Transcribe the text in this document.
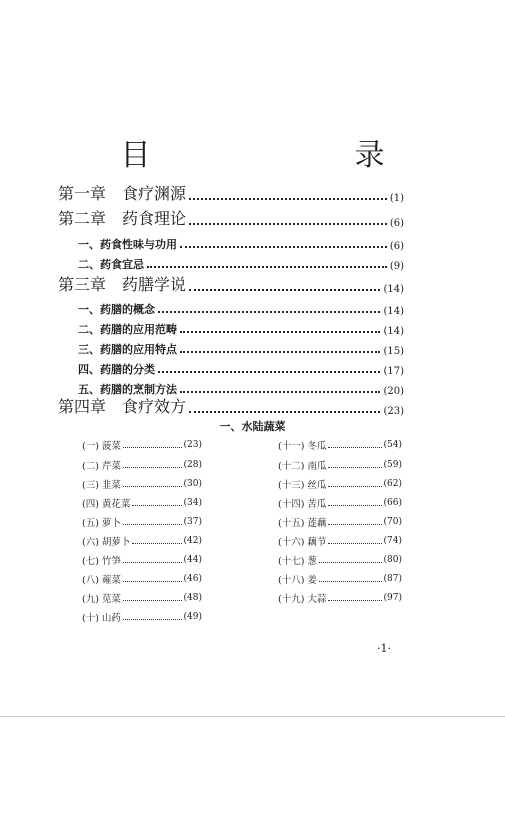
目　　录
第一章　食疗渊源	(1)
第二章　药食理论	(6)
一、药食性味与功用	(6)
二、药食宜忌	(9)
第三章　药膳学说	(14)
一、药膳的概念	(14)
二、药膳的应用范畴	(14)
三、药膳的应用特点	(15)
四、药膳的分类	(17)
五、药膳的烹制方法	(20)
第四章　食疗效方	(23)
一、水陆蔬菜
(一) 菠菜	(23)
(二) 芹菜	(28)
(三) 韭菜	(30)
(四) 黄花菜	(34)
(五) 萝卜	(37)
(六) 胡萝卜	(42)
(七) 竹笋	(44)
(八) 蕹菜	(46)
(九) 苋菜	(48)
(十) 山药	(49)
(十一) 冬瓜	(54)
(十二) 南瓜	(59)
(十三) 丝瓜	(62)
(十四) 苦瓜	(66)
(十五) 莲藕	(70)
(十六) 藕节	(74)
(十七) 葱	(80)
(十八) 姜	(87)
(十九) 大蒜	(97)
·1·
